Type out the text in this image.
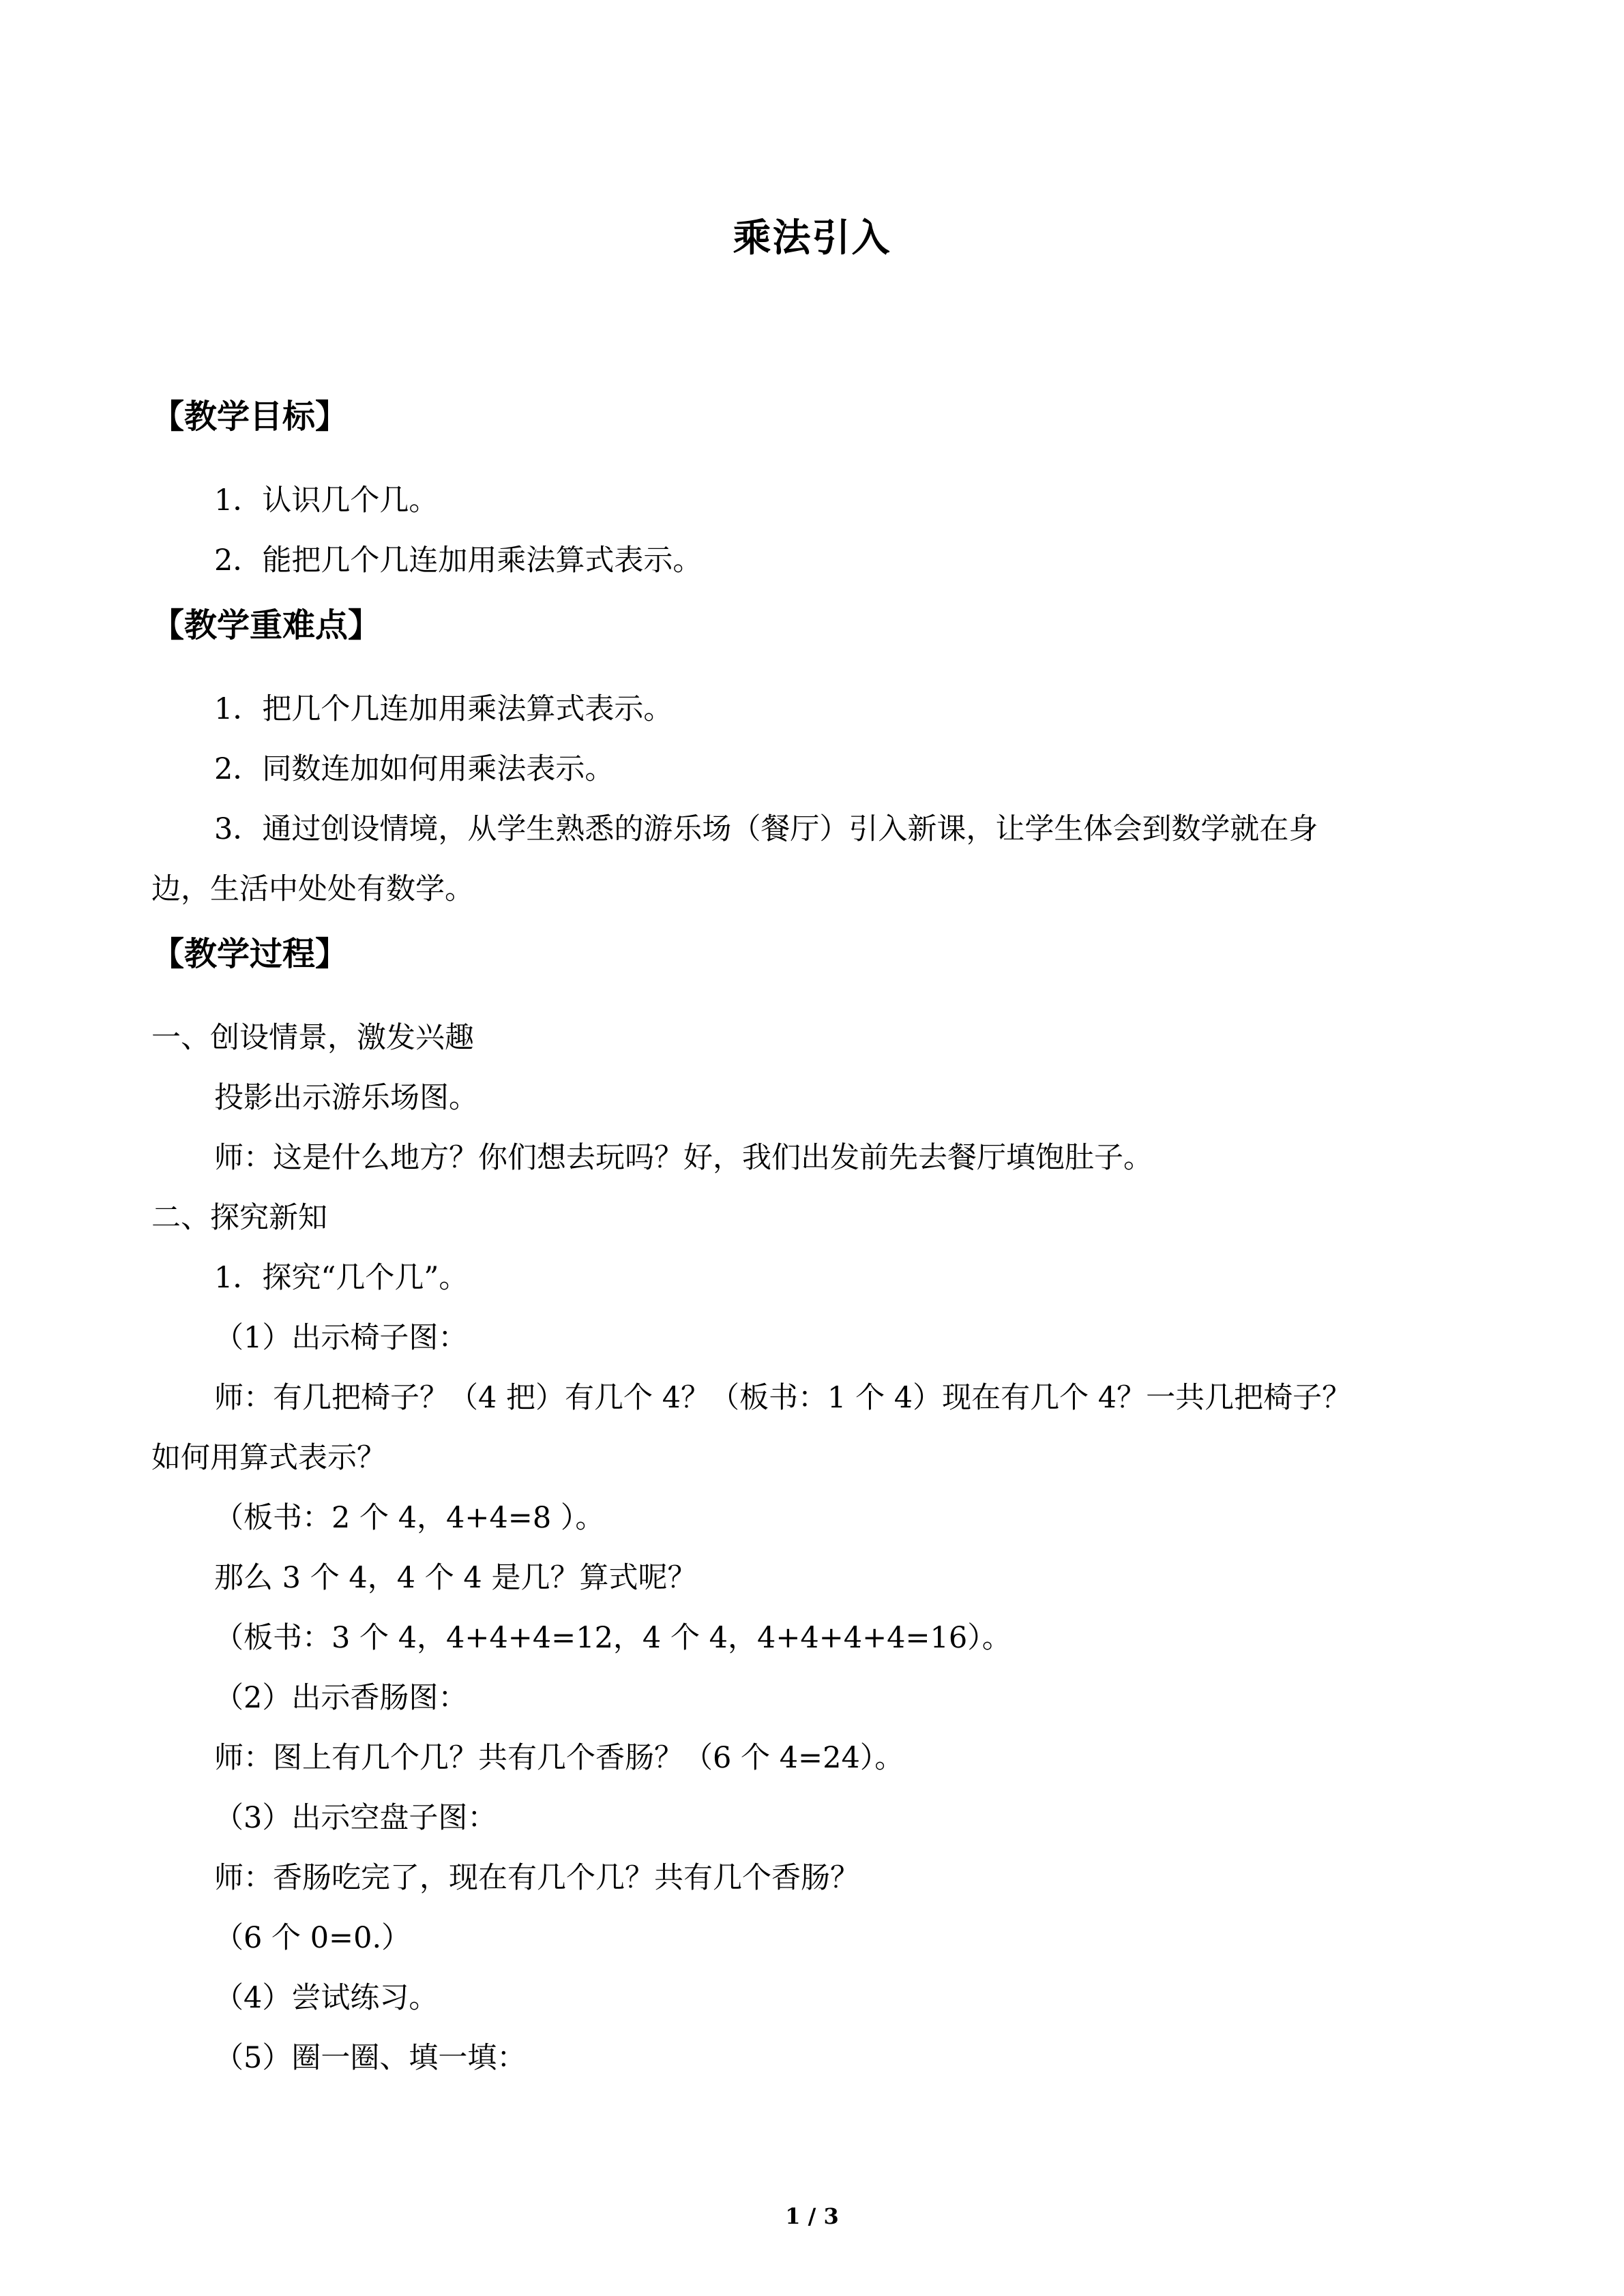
乘法引入
【教学目标】
1．认识几个几。
2．能把几个几连加用乘法算式表示。
【教学重难点】
1．把几个几连加用乘法算式表示。
2．同数连加如何用乘法表示。
3．通过创设情境，从学生熟悉的游乐场（餐厅）引入新课，让学生体会到数学就在身
边，生活中处处有数学。
【教学过程】
一、创设情景，激发兴趣
投影出示游乐场图。
师：这是什么地方？你们想去玩吗？好，我们出发前先去餐厅填饱肚子。
二、探究新知
1．探究“几个几”。
（1）出示椅子图：
师：有几把椅子？（4 把）有几个 4？（板书：1 个 4）现在有几个 4？一共几把椅子？
如何用算式表示？
（板书：2 个 4，4+4=8 ）。
那么 3 个 4，4 个 4 是几？算式呢？
（板书：3 个 4，4+4+4=12，4 个 4，4+4+4+4=16）。
（2）出示香肠图：
师：图上有几个几？共有几个香肠？（6 个 4=24）。
（3）出示空盘子图：
师：香肠吃完了，现在有几个几？共有几个香肠？
（6 个 0=0.）
（4）尝试练习。
（5）圈一圈、填一填：
1 / 3
